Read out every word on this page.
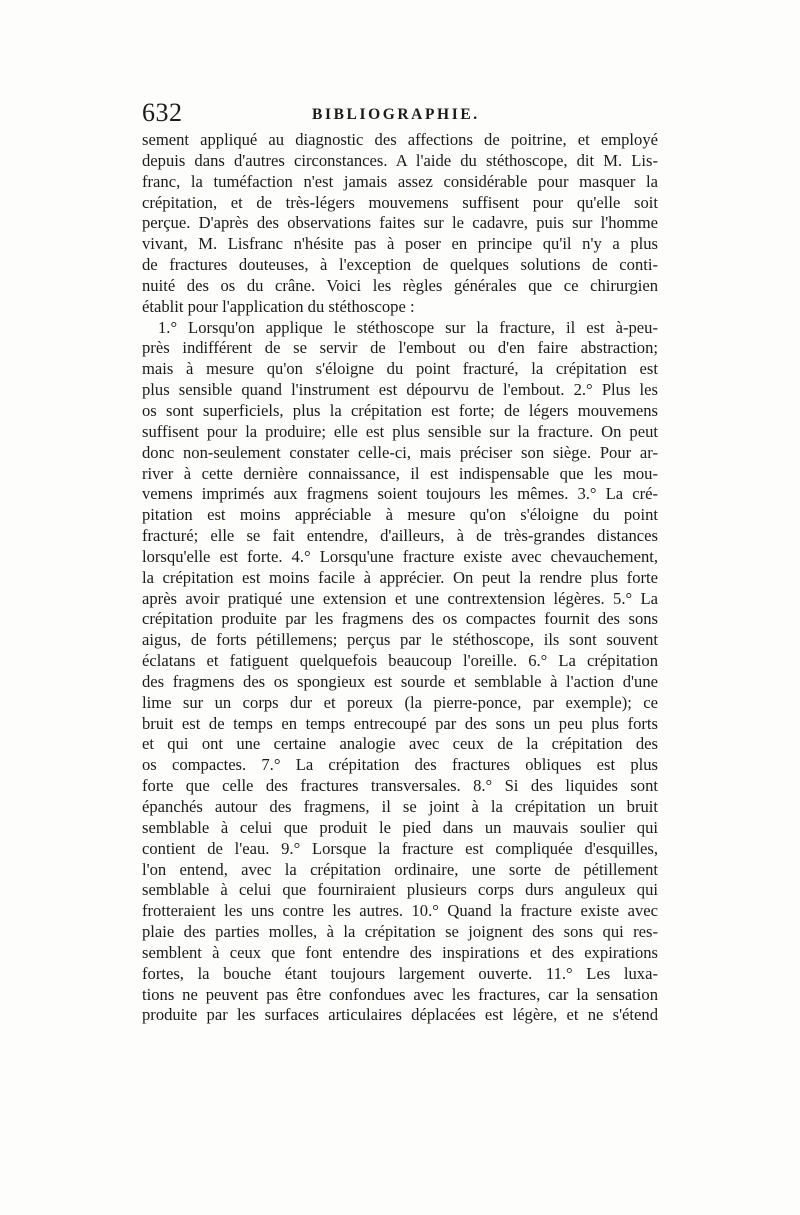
632	BIBLIOGRAPHIE.
sement appliqué au diagnostic des affections de poitrine, et employé
depuis dans d'autres circonstances. A l'aide du stéthoscope, dit M. Lis-
franc, la tuméfaction n'est jamais assez considérable pour masquer la
crépitation, et de très-légers mouvemens suffisent pour qu'elle soit
perçue. D'après des observations faites sur le cadavre, puis sur l'homme
vivant, M. Lisfranc n'hésite pas à poser en principe qu'il n'y a plus
de fractures douteuses, à l'exception de quelques solutions de conti-
nuité des os du crâne. Voici les règles générales que ce chirurgien
établit pour l'application du stéthoscope :
1.° Lorsqu'on applique le stéthoscope sur la fracture, il est à-peu-
près indifférent de se servir de l'embout ou d'en faire abstraction;
mais à mesure qu'on s'éloigne du point fracturé, la crépitation est
plus sensible quand l'instrument est dépourvu de l'embout. 2.° Plus les
os sont superficiels, plus la crépitation est forte; de légers mouvemens
suffisent pour la produire; elle est plus sensible sur la fracture. On peut
donc non-seulement constater celle-ci, mais préciser son siège. Pour ar-
river à cette dernière connaissance, il est indispensable que les mou-
vemens imprimés aux fragmens soient toujours les mêmes. 3.° La cré-
pitation est moins appréciable à mesure qu'on s'éloigne du point
fracturé; elle se fait entendre, d'ailleurs, à de très-grandes distances
lorsqu'elle est forte. 4.° Lorsqu'une fracture existe avec chevauchement,
la crépitation est moins facile à apprécier. On peut la rendre plus forte
après avoir pratiqué une extension et une contrextension légères. 5.° La
crépitation produite par les fragmens des os compactes fournit des sons
aigus, de forts pétillemens; perçus par le stéthoscope, ils sont souvent
éclatans et fatiguent quelquefois beaucoup l'oreille. 6.° La crépitation
des fragmens des os spongieux est sourde et semblable à l'action d'une
lime sur un corps dur et poreux (la pierre-ponce, par exemple); ce
bruit est de temps en temps entrecoupé par des sons un peu plus forts
et qui ont une certaine analogie avec ceux de la crépitation des
os compactes. 7.° La crépitation des fractures obliques est plus
forte que celle des fractures transversales. 8.° Si des liquides sont
épanchés autour des fragmens, il se joint à la crépitation un bruit
semblable à celui que produit le pied dans un mauvais soulier qui
contient de l'eau. 9.° Lorsque la fracture est compliquée d'esquilles,
l'on entend, avec la crépitation ordinaire, une sorte de pétillement
semblable à celui que fourniraient plusieurs corps durs anguleux qui
frotteraient les uns contre les autres. 10.° Quand la fracture existe avec
plaie des parties molles, à la crépitation se joignent des sons qui res-
semblent à ceux que font entendre des inspirations et des expirations
fortes, la bouche étant toujours largement ouverte. 11.° Les luxa-
tions ne peuvent pas être confondues avec les fractures, car la sensation
produite par les surfaces articulaires déplacées est légère, et ne s'étend
